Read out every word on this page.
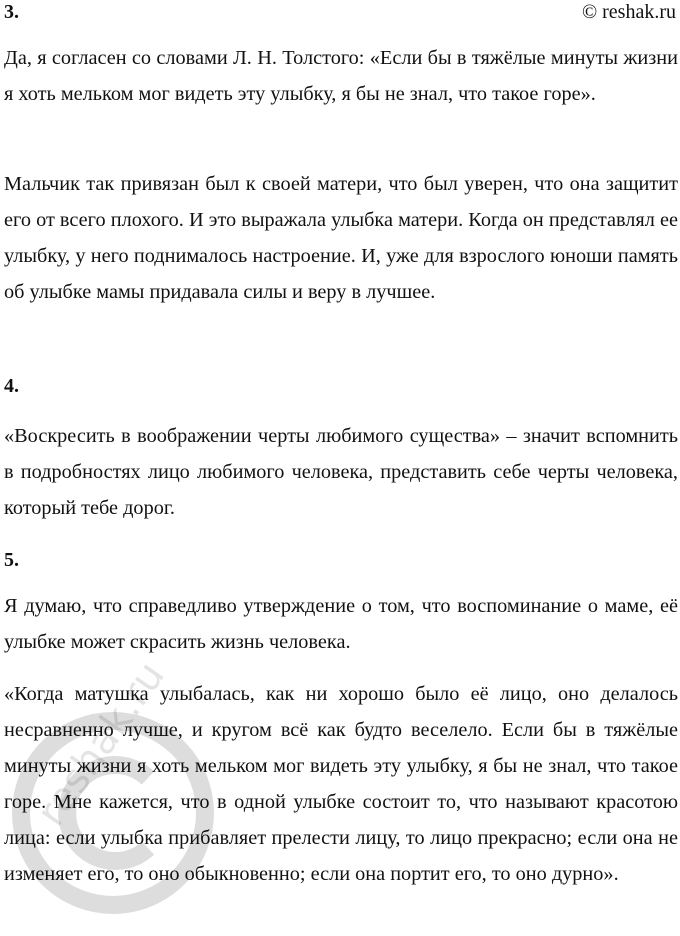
3.	© reshak.ru

Да, я согласен со словами Л. Н. Толстого: «Если бы в тяжёлые минуты жизни я хоть мельком мог видеть эту улыбку, я бы не знал, что такое горе».

Мальчик так привязан был к своей матери, что был уверен, что она защитит его от всего плохого. И это выражала улыбка матери. Когда он представлял ее улыбку, у него поднималось настроение. И, уже для взрослого юноши память об улыбке мамы придавала силы и веру в лучшее.

4.

«Воскресить в воображении черты любимого существа» – значит вспомнить в подробностях лицо любимого человека, представить себе черты человека, который тебе дорог.

5.

Я думаю, что справедливо утверждение о том, что воспоминание о маме, её улыбке может скрасить жизнь человека.

«Когда матушка улыбалась, как ни хорошо было её лицо, оно делалось несравненно лучше, и кругом всё как будто веселело. Если бы в тяжёлые минуты жизни я хоть мельком мог видеть эту улыбку, я бы не знал, что такое горе. Мне кажется, что в одной улыбке состоит то, что называют красотою лица: если улыбка прибавляет прелести лицу, то лицо прекрасно; если она не изменяет его, то оно обыкновенно; если она портит его, то оно дурно».

reshak.ru
